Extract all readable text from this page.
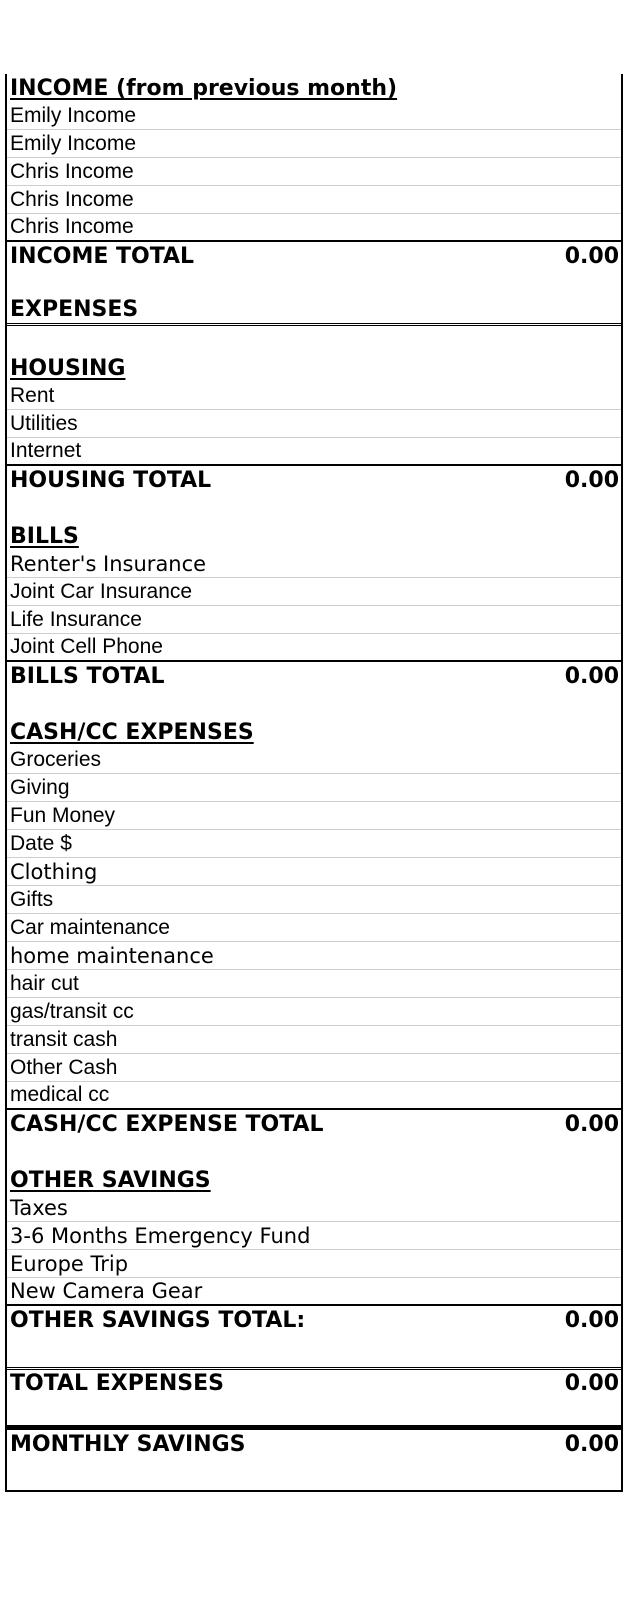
INCOME (from previous month)
Emily Income
Emily Income
Chris Income
Chris Income
Chris Income
INCOME TOTAL	0.00
EXPENSES
HOUSING
Rent
Utilities
Internet
HOUSING TOTAL	0.00
BILLS
Renter's Insurance
Joint Car Insurance
Life Insurance
Joint Cell Phone
BILLS TOTAL	0.00
CASH/CC EXPENSES
Groceries
Giving
Fun Money
Date $
Clothing
Gifts
Car maintenance
home maintenance
hair cut
gas/transit cc
transit cash
Other Cash
medical cc
CASH/CC EXPENSE TOTAL	0.00
OTHER SAVINGS
Taxes
3-6 Months Emergency Fund
Europe Trip
New Camera Gear
OTHER SAVINGS TOTAL:	0.00
TOTAL EXPENSES	0.00
MONTHLY SAVINGS	0.00
